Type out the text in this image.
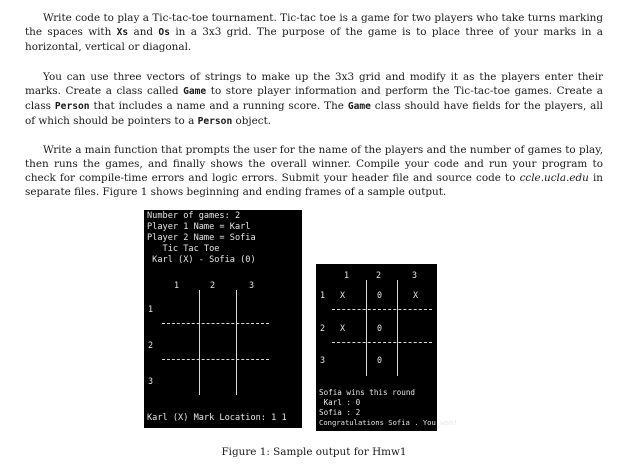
Write code to play a Tic-tac-toe tournament. Tic-tac toe is a game for two players who take turns marking the spaces with Xs and Os in a 3x3 grid. The purpose of the game is to place three of your marks in a horizontal, vertical or diagonal.

You can use three vectors of strings to make up the 3x3 grid and modify it as the players enter their marks. Create a class called Game to store player information and perform the Tic-tac-toe games. Create a class Person that includes a name and a running score. The Game class should have fields for the players, all of which should be pointers to a Person object.

Write a main function that prompts the user for the name of the players and the number of games to play, then runs the games, and finally shows the overall winner. Compile your code and run your program to check for compile-time errors and logic errors. Submit your header file and source code to ccle.ucla.edu in separate files. Figure 1 shows beginning and ending frames of a sample output.

Number of games: 2
Player 1 Name = Karl
Player 2 Name = Sofia
Tic Tac Toe
Karl (X) - Sofia (0)
1	2	3
1
2
3
Karl (X) Mark Location: 1 1
1	2	3
1
2
3
X	0	X
X	0
0
Sofia wins this round
Karl : 0
Sofia : 2
Congratulations Sofia . You won!
Figure 1: Sample output for Hmw1
